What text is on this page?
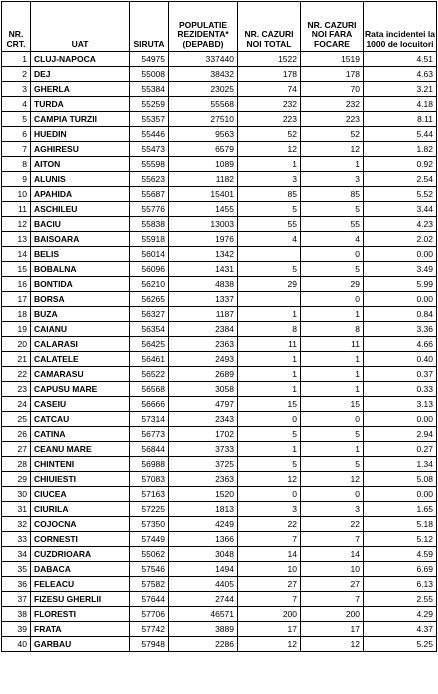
NR. CRT.	UAT	SIRUTA	POPULATIE REZIDENTA* (DEPABD)	NR. CAZURI NOI TOTAL	NR. CAZURI NOI FARA FOCARE	Rata incidentei la 1000 de locuitori
1	CLUJ-NAPOCA	54975	337440	1522	1519	4.51
2	DEJ	55008	38432	178	178	4.63
3	GHERLA	55384	23025	74	70	3.21
4	TURDA	55259	55568	232	232	4.18
5	CAMPIA TURZII	55357	27510	223	223	8.11
6	HUEDIN	55446	9563	52	52	5.44
7	AGHIRESU	55473	6579	12	12	1.82
8	AITON	55598	1089	1	1	0.92
9	ALUNIS	55623	1182	3	3	2.54
10	APAHIDA	55687	15401	85	85	5.52
11	ASCHILEU	55776	1455	5	5	3.44
12	BACIU	55838	13003	55	55	4.23
13	BAISOARA	55918	1976	4	4	2.02
14	BELIS	56014	1342		0	0.00
15	BOBALNA	56096	1431	5	5	3.49
16	BONTIDA	56210	4838	29	29	5.99
17	BORSA	56265	1337		0	0.00
18	BUZA	56327	1187	1	1	0.84
19	CAIANU	56354	2384	8	8	3.36
20	CALARASI	56425	2363	11	11	4.66
21	CALATELE	56461	2493	1	1	0.40
22	CAMARASU	56522	2689	1	1	0.37
23	CAPUSU MARE	56568	3058	1	1	0.33
24	CASEIU	56666	4797	15	15	3.13
25	CATCAU	57314	2343	0	0	0.00
26	CATINA	56773	1702	5	5	2.94
27	CEANU MARE	56844	3733	1	1	0.27
28	CHINTENI	56988	3725	5	5	1.34
29	CHIUIESTI	57083	2363	12	12	5.08
30	CIUCEA	57163	1520	0	0	0.00
31	CIURILA	57225	1813	3	3	1.65
32	COJOCNA	57350	4249	22	22	5.18
33	CORNESTI	57449	1366	7	7	5.12
34	CUZDRIOARA	55062	3048	14	14	4.59
35	DABACA	57546	1494	10	10	6.69
36	FELEACU	57582	4405	27	27	6.13
37	FIZESU GHERLII	57644	2744	7	7	2.55
38	FLORESTI	57706	46571	200	200	4.29
39	FRATA	57742	3889	17	17	4.37
40	GARBAU	57948	2286	12	12	5.25
